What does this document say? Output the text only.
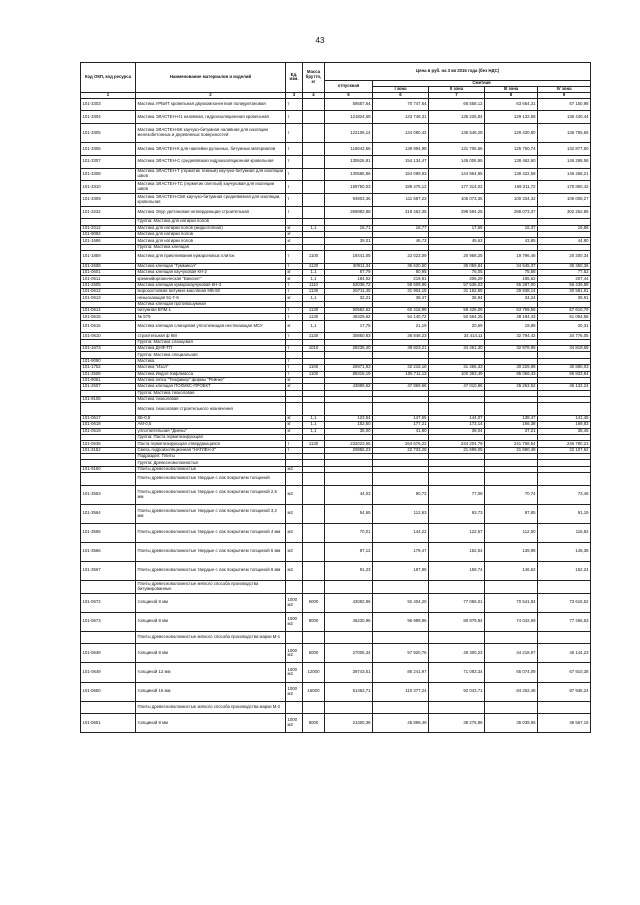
43
Код ОКП, код ресурса	Наименование материалов и изделий	Ед. изм.	Масса брутто, кг	Цена в руб. на 3 кв 2015 года (без НДС)				
				отпускная	Сметная			
					I зона	II зона	III зона	IV зона
1	2	3	4	5	6	7	8	9
101-3303	Мастика УРБИТ кровельная двухкомпонентная полиуретановая	т		59557,64	70 747,64	66 558,12	63 654,31	67 150,98
101-3304	Мастика ЭЛАСТЕН-Н1 наливная, гидроизоляционная кровельная	т		121824,68	143 748,31	135 225,84	129 132,58	136 440,44
101-3305	Мастика ЭЛАСТЕН-БК каучуко-битумная наливная для изоляции железобетонных и деревянных поверхностей	т		122106,14	144 080,42	135 548,28	129 430,80	136 755,66
101-3306	Мастика ЭЛАСТЕН-К для наклейки рулонных, битумных материалов	т		118643,66	139 994,98	131 706,66	125 760,74	132 877,60
101-3307	Мастика ЭЛАСТЕН-С среднявязкая гидроизоляционная кровельная	т		130626,81	154 134,47	145 006,95	138 462,60	146 298,58
101-3308	Мастика ЭЛАСТЕН-Т (герметик темный) каучуко-битумная для изоляции швов	т		130586,86	154 089,93	144 964,95	138 422,59	146 256,21
101-3310	Мастика ЭЛАСТЕН-ТС (герметик светлый) каучуковая для изоляции швов	т		159750,03	188 475,12	177 314,02	169 311,72	178 850,42
101-3309	Мастика ЭЛАСТЕН-СБК каучуко-битумная среднявязкая для изоляции, кровельная	т		94803,36	111 687,23	105 073,35	100 334,32	106 009,27
101-3232	Мастика Эпур уретановая нетвердеющая строительная	т		269883,88	318 452,35	299 594,25	286 073,37	302 262,85
	Группа: Мастика для натирки полов							
101-2012	Мастика для натирки полов (жидкотопная)	кг	1,1	15,71	18,77	17,65	16,37	16,86
101-9092	Мастика для натирки полов	кг						
101-1696	Мастика для натирки полов	кг		39,01	46,73	45,63	43,85	44,80
	Группа: Мастика клеящая							
101-1859	Мастика для приклеивания кумароновых плиток	т	1100	18441,05	22 023,09	20 958,25	19 796,46	20 200,34
101-2608	Мастика клеящая "Гуммикол"	т	1130	30911,34	36 620,50	35 059,84	34 645,37	35 350,36
101-0601	Мастика клеящая каучуковая КН-2	кг	1,1	67,79	80,95	76,05	75,58	77,52
101-0611	кремнийорганическая "Виксинт"	кг	1,1	184,02	219,81	206,29	195,62	207,44
101-2505	Мастика клеящая кумарокаучуковая КН-3	т	1110	53038,72	58 609,96	57 536,03	55 287,00	56 439,88
101-0612	морозостойкая битумно-масляная МБ-50	т	1130	26711,45	31 904,15	31 152,65	29 938,14	30 581,91
101-0613	незыскающая 51-Г-6	кг	1,1	32,21	38,47	35,94	34,24	36,91
	Мастика клеящая противошумная							
101-0614	битумная БПМ-1	т	1130	50582,62	60 415,98	58 426,08	53 769,56	57 610,79
101-0615	№ 579	т	1130	45329,62	54 140,72	50 564,25	48 194,43	51 094,58
101-0616	Мастика клеящая сланцевая уплотняющая нестекающая МСУ	кг	1,1	17,75	21,19	20,69	19,88	20,31
101-0610	строительная ф КМ	т	1130	30850,83	36 848,23	34 414,11	32 794,42	34 776,05
	Группа: Мастика сланцевая							
101-1673	Мастика ДНФ-ТП	т	1010	28235,40	39 823,21	34 461,30	32 878,95	34 819,69
	Группа: Мастика специальная							
101-9090	Мастика	т						
101-1752	Мастика "Изол"	т	1100	26971,93	32 215,18	31 456,33	30 229,98	30 880,03
101-2508	Мастика Индол-Хифлмасса	т	1100	89315,19	106 711,13	100 353,49	95 066,43	95 833,84
101-9061	Мастика гипса "Теофикер" фирмы "Рейнке"	кг						
101-2507	Мастика клеящая ПОЛИКС-ПРОЕКТ	кг		43888,62	47 869,66	47 010,96	45 253,52	46 132,24
	Группа: Мастика тиоколовая							
101-9108	Мастика тиоколовая							
	Мастика тиоколовая строительного назначения							
101-0617	КБ-0,5	кг	1,1	123,54	147,55	144,07	138,47	141,45
101-0618	АМ-0,5	кг	1,1	152,50	177,21	173,14	166,38	169,83
101-0619	уплотнительная "Диены"	кг	1,1	35,00	41,80	39,04	37,21	38,45
	Группа: Паста герметизирующая							
101-0635	Паста герметизирующая отвердающаяся	т	1130	232023,55	264 676,22	244 204,79	241 768,54	246 780,23
101-3152	Смесь гидроизоляционная "НАТЛЕН-2"	т		20856,23	22 733,28	21 699,05	21 690,48	22 107,62
	Подраздел: Плиты							
	Группа: Древесноволокнистые							
101-9160	Плиты древесноволокнистые	м2						
	Плиты древесноволокнистые твердые с лак покрытием толщиной							
101-3563	Плиты древесноволокнистые твердые с лак покрытием толщиной 2,5 мм	м2		44,03	90,72	77,08	70,74	73,48
101-3564	Плиты древесноволокнистые твердые с лак покрытием толщиной 3,2 мм	м2		54,65	112,63	93,73	87,85	91,19
101-3565	Плиты древесноволокнистые твердые с лак покрытием толщиной 4 мм	м2		70,01	144,22	122,57	112,50	116,82
101-3566	Плиты древесноволокнистые твердые с лак покрытием толщиной 5 мм	м2		87,12	179,47	152,54	139,98	145,38
101-3567	Плиты древесноволокнистые твердые с лак покрытием толщиной 6 мм	м2		91,23	187,95	159,74	146,62	152,24
	Плиты древесноволокнистые мягкого способа производства битумированные							
101-0672	толщиной 8 мм	1000 м2	6000	43082,96	92 404,20	77 056,01	70 541,84	73 616,52
101-0673	толщиной 8 мм	1000 м2	8000	45230,96	96 989,96	80 879,94	74 042,59	77 266,63
	Плиты древесноволокнистые мягкого способа производства марки М-1							
101-0648	толщиной 8 мм	1000 м2	6000	27005,34	57 920,76	48 300,23	44 218,97	46 144,23
101-0649	толщиной 12 мм	1000 м2	12000	39743,51	85 241,97	71 083,34	65 074,09	67 910,38
101-0650	толщиной 16 мм	1000 м2	16000	51462,71	110 377,24	92 043,71	84 262,48	87 935,24
	Плиты древесноволокнистые мягкого способа производства марки М-2							
101-0651	толщиной 8 мм	1000 м2	8000	21400,38	45 899,49	38 275,86	35 039,95	36 567,16
